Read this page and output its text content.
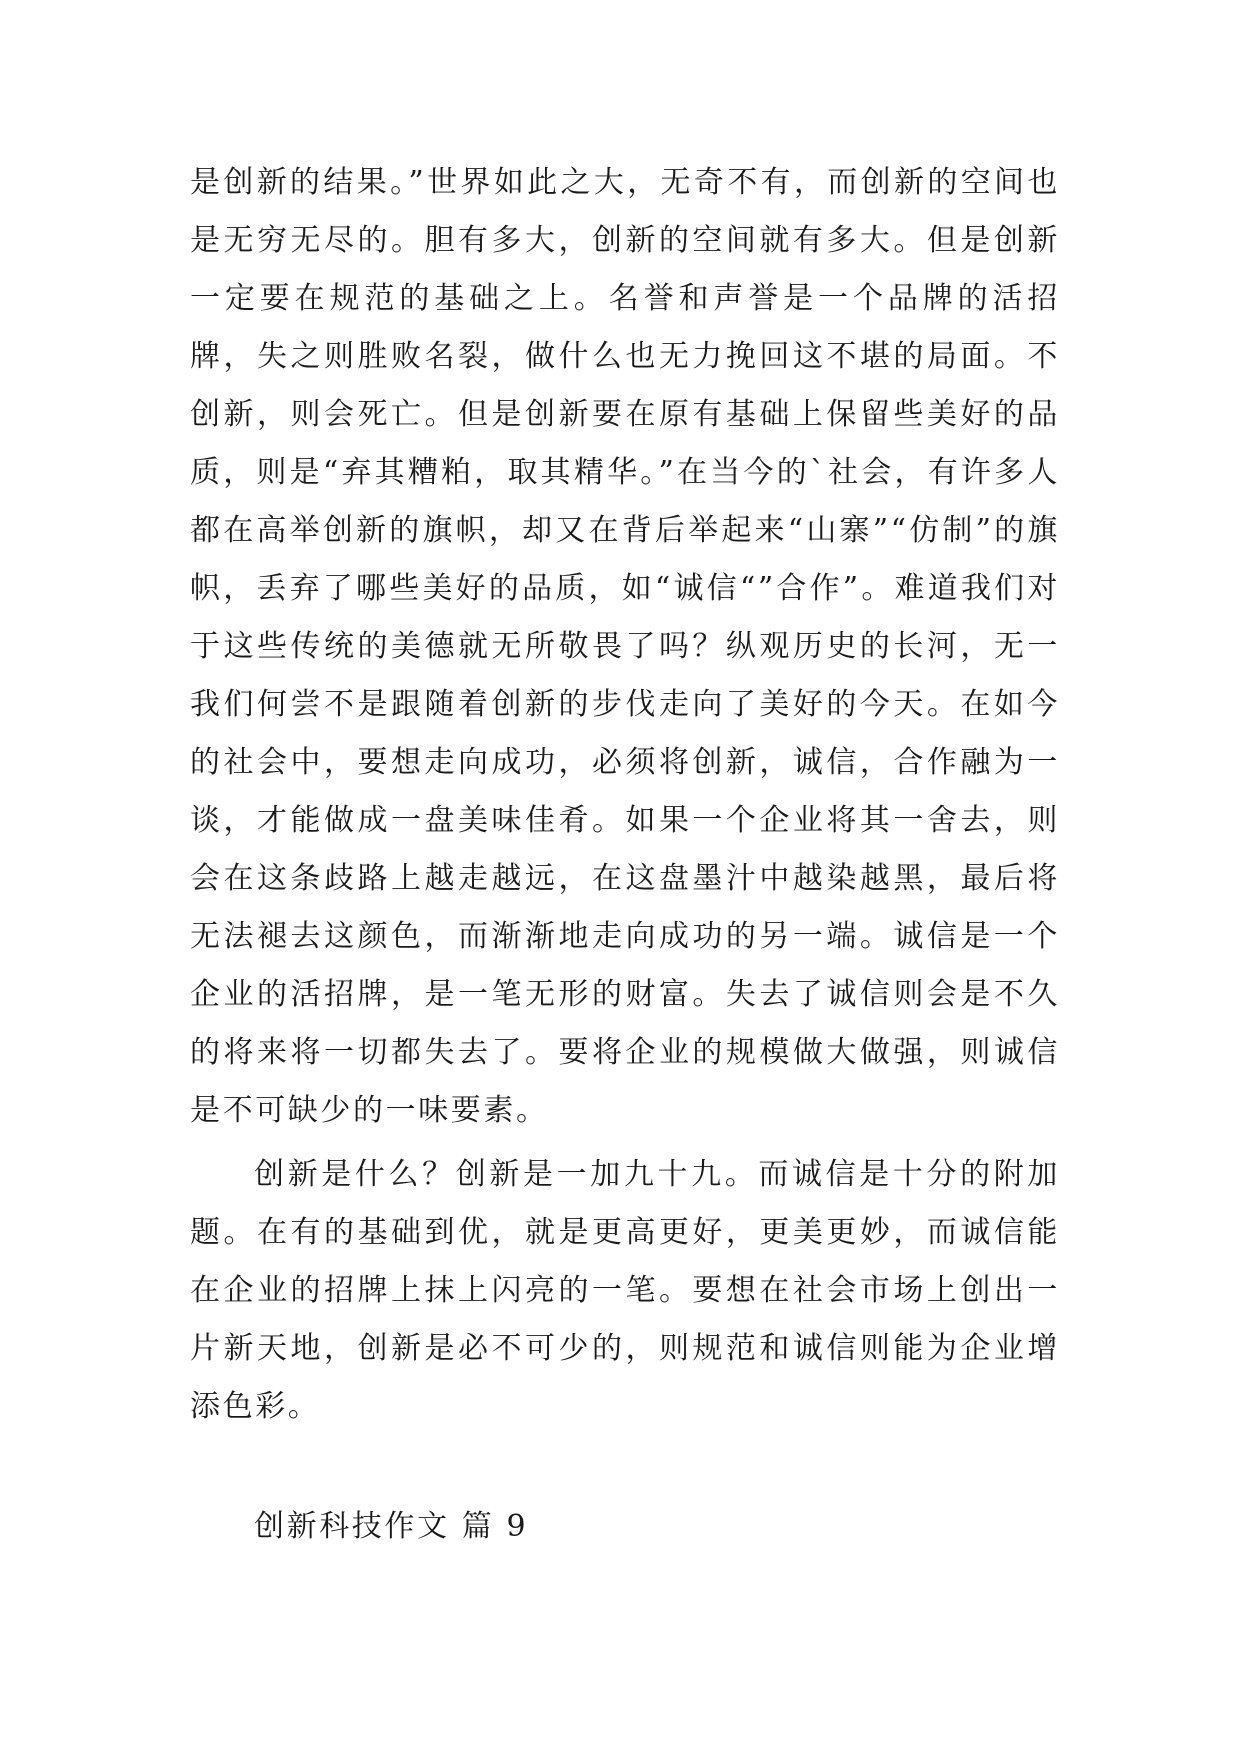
是创新的结果。”世界如此之大，无奇不有，而创新的空间也是无穷无尽的。胆有多大，创新的空间就有多大。但是创新一定要在规范的基础之上。名誉和声誉是一个品牌的活招牌，失之则胜败名裂，做什么也无力挽回这不堪的局面。不创新，则会死亡。但是创新要在原有基础上保留些美好的品质，则是“弃其糟粕，取其精华。”在当今的`社会，有许多人都在高举创新的旗帜，却又在背后举起来“山寨”“仿制”的旗帜，丢弃了哪些美好的品质，如“诚信“”合作”。难道我们对于这些传统的美德就无所敬畏了吗？纵观历史的长河，无一我们何尝不是跟随着创新的步伐走向了美好的今天。在如今的社会中，要想走向成功，必须将创新，诚信，合作融为一谈，才能做成一盘美味佳肴。如果一个企业将其一舍去，则会在这条歧路上越走越远，在这盘墨汁中越染越黑，最后将无法褪去这颜色，而渐渐地走向成功的另一端。诚信是一个企业的活招牌，是一笔无形的财富。失去了诚信则会是不久的将来将一切都失去了。要将企业的规模做大做强，则诚信是不可缺少的一味要素。

创新是什么？创新是一加九十九。而诚信是十分的附加题。在有的基础到优，就是更高更好，更美更妙，而诚信能在企业的招牌上抹上闪亮的一笔。要想在社会市场上创出一片新天地，创新是必不可少的，则规范和诚信则能为企业增添色彩。

创新科技作文 篇 9
